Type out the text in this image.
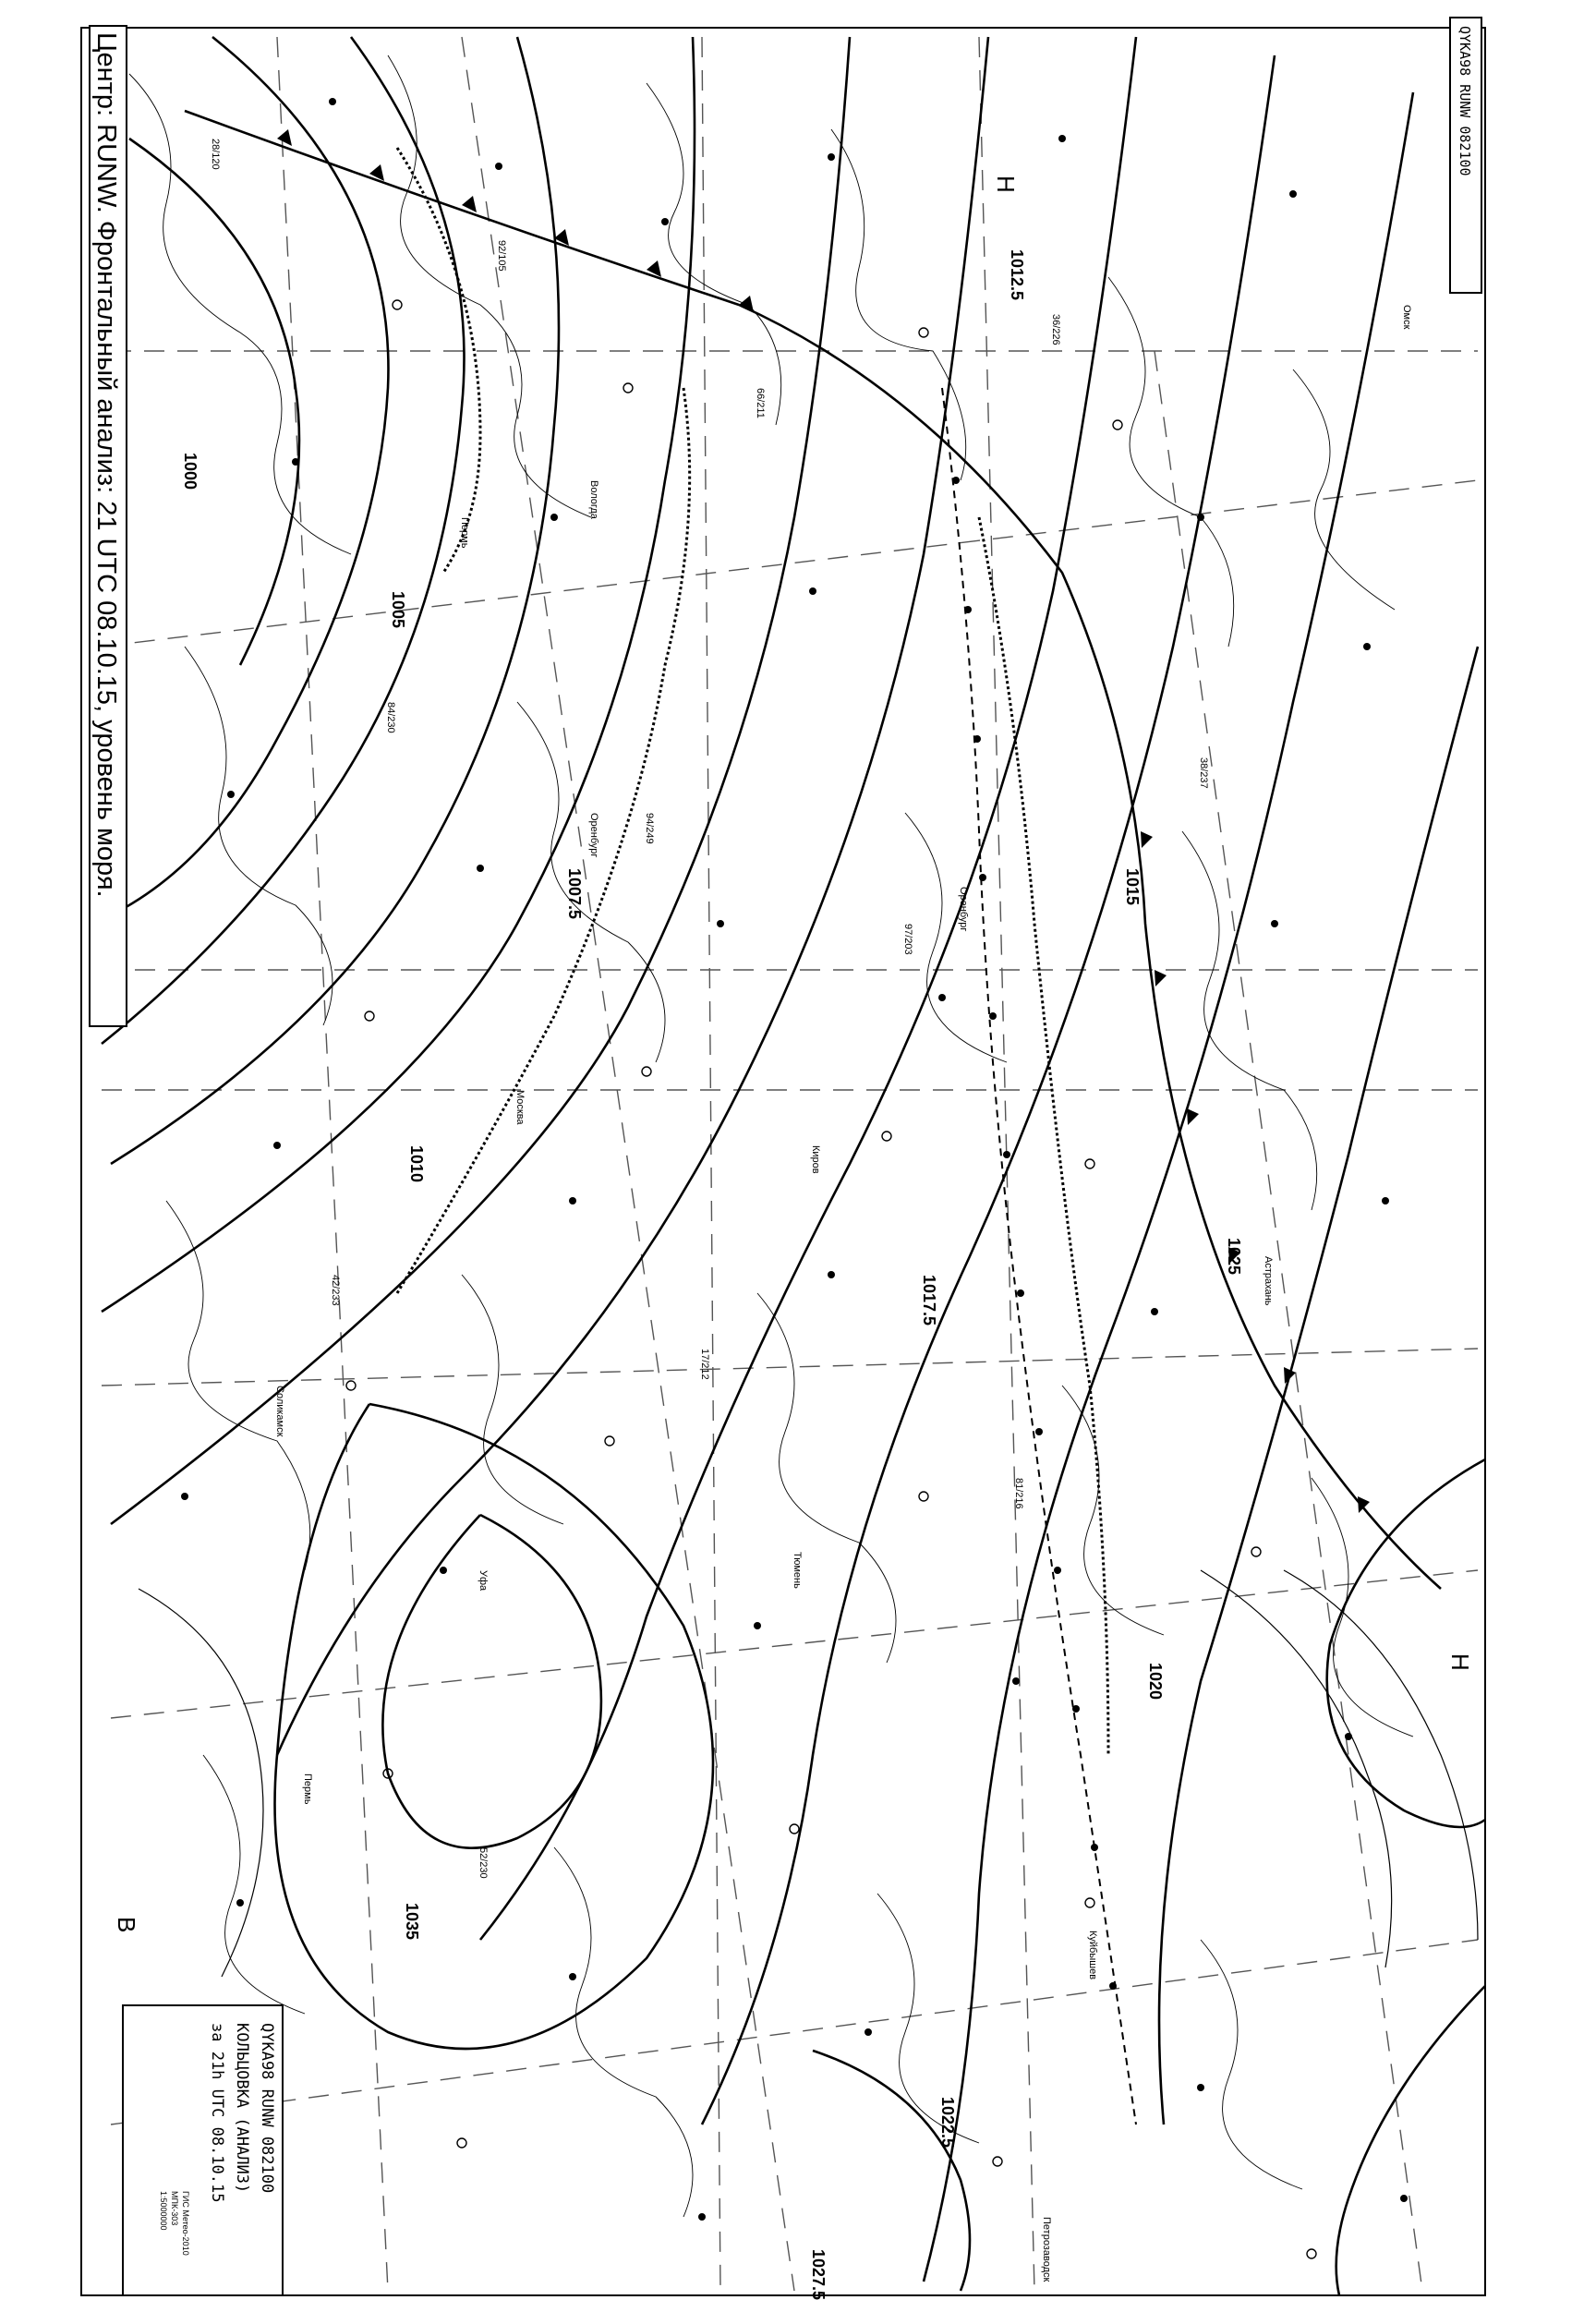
1000
1005
1007.5
1010
1012.5
1015
1017.5
1020
1022.5
1025
1027.5
1035
Н
Н
В
28/120
92/105
66/211
36/226
84/230
94/249
97/203
38/237
42/233
17/212
81/216
52/230
Вологда
Уфа
Пермь
Пермь
Киров
Астрахань
Москва
Куйбышев
Петрозаводск
Оренбург
Оренбург
Омск
Тюмень
Соликамск
Центр: RUNW. Фронтальный анализ: 21 UTC 08.10.15, уровень моря.	QYKA98 RUNW 082100
QYKA98 RUNW 082100
КОЛЬЦОВКА (АНАЛИЗ)
за 21h UTC 08.10.15
ГИС Метео-2010
МПК-303
1:5000000
